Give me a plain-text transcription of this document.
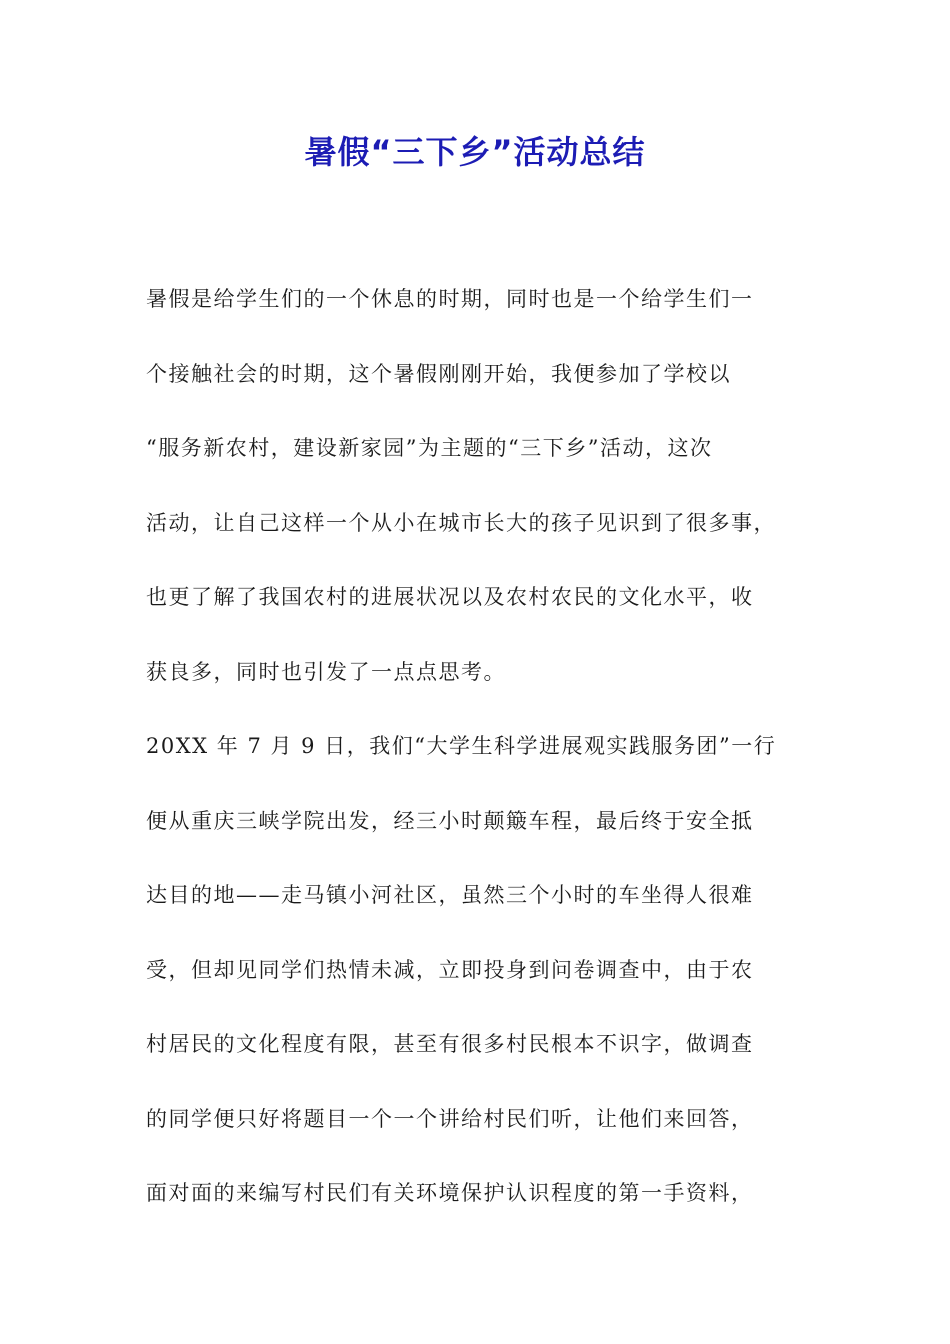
暑假“三下乡”活动总结
暑假是给学生们的一个休息的时期，同时也是一个给学生们一
个接触社会的时期，这个暑假刚刚开始，我便参加了学校以
“服务新农村，建设新家园”为主题的“三下乡”活动，这次
活动，让自己这样一个从小在城市长大的孩子见识到了很多事，
也更了解了我国农村的进展状况以及农村农民的文化水平，收
获良多，同时也引发了一点点思考。
20XX 年 7 月 9 日，我们“大学生科学进展观实践服务团”一行
便从重庆三峡学院出发，经三小时颠簸车程，最后终于安全抵
达目的地——走马镇小河社区，虽然三个小时的车坐得人很难
受，但却见同学们热情未减，立即投身到问卷调查中，由于农
村居民的文化程度有限，甚至有很多村民根本不识字，做调查
的同学便只好将题目一个一个讲给村民们听，让他们来回答，
面对面的来编写村民们有关环境保护认识程度的第一手资料，
